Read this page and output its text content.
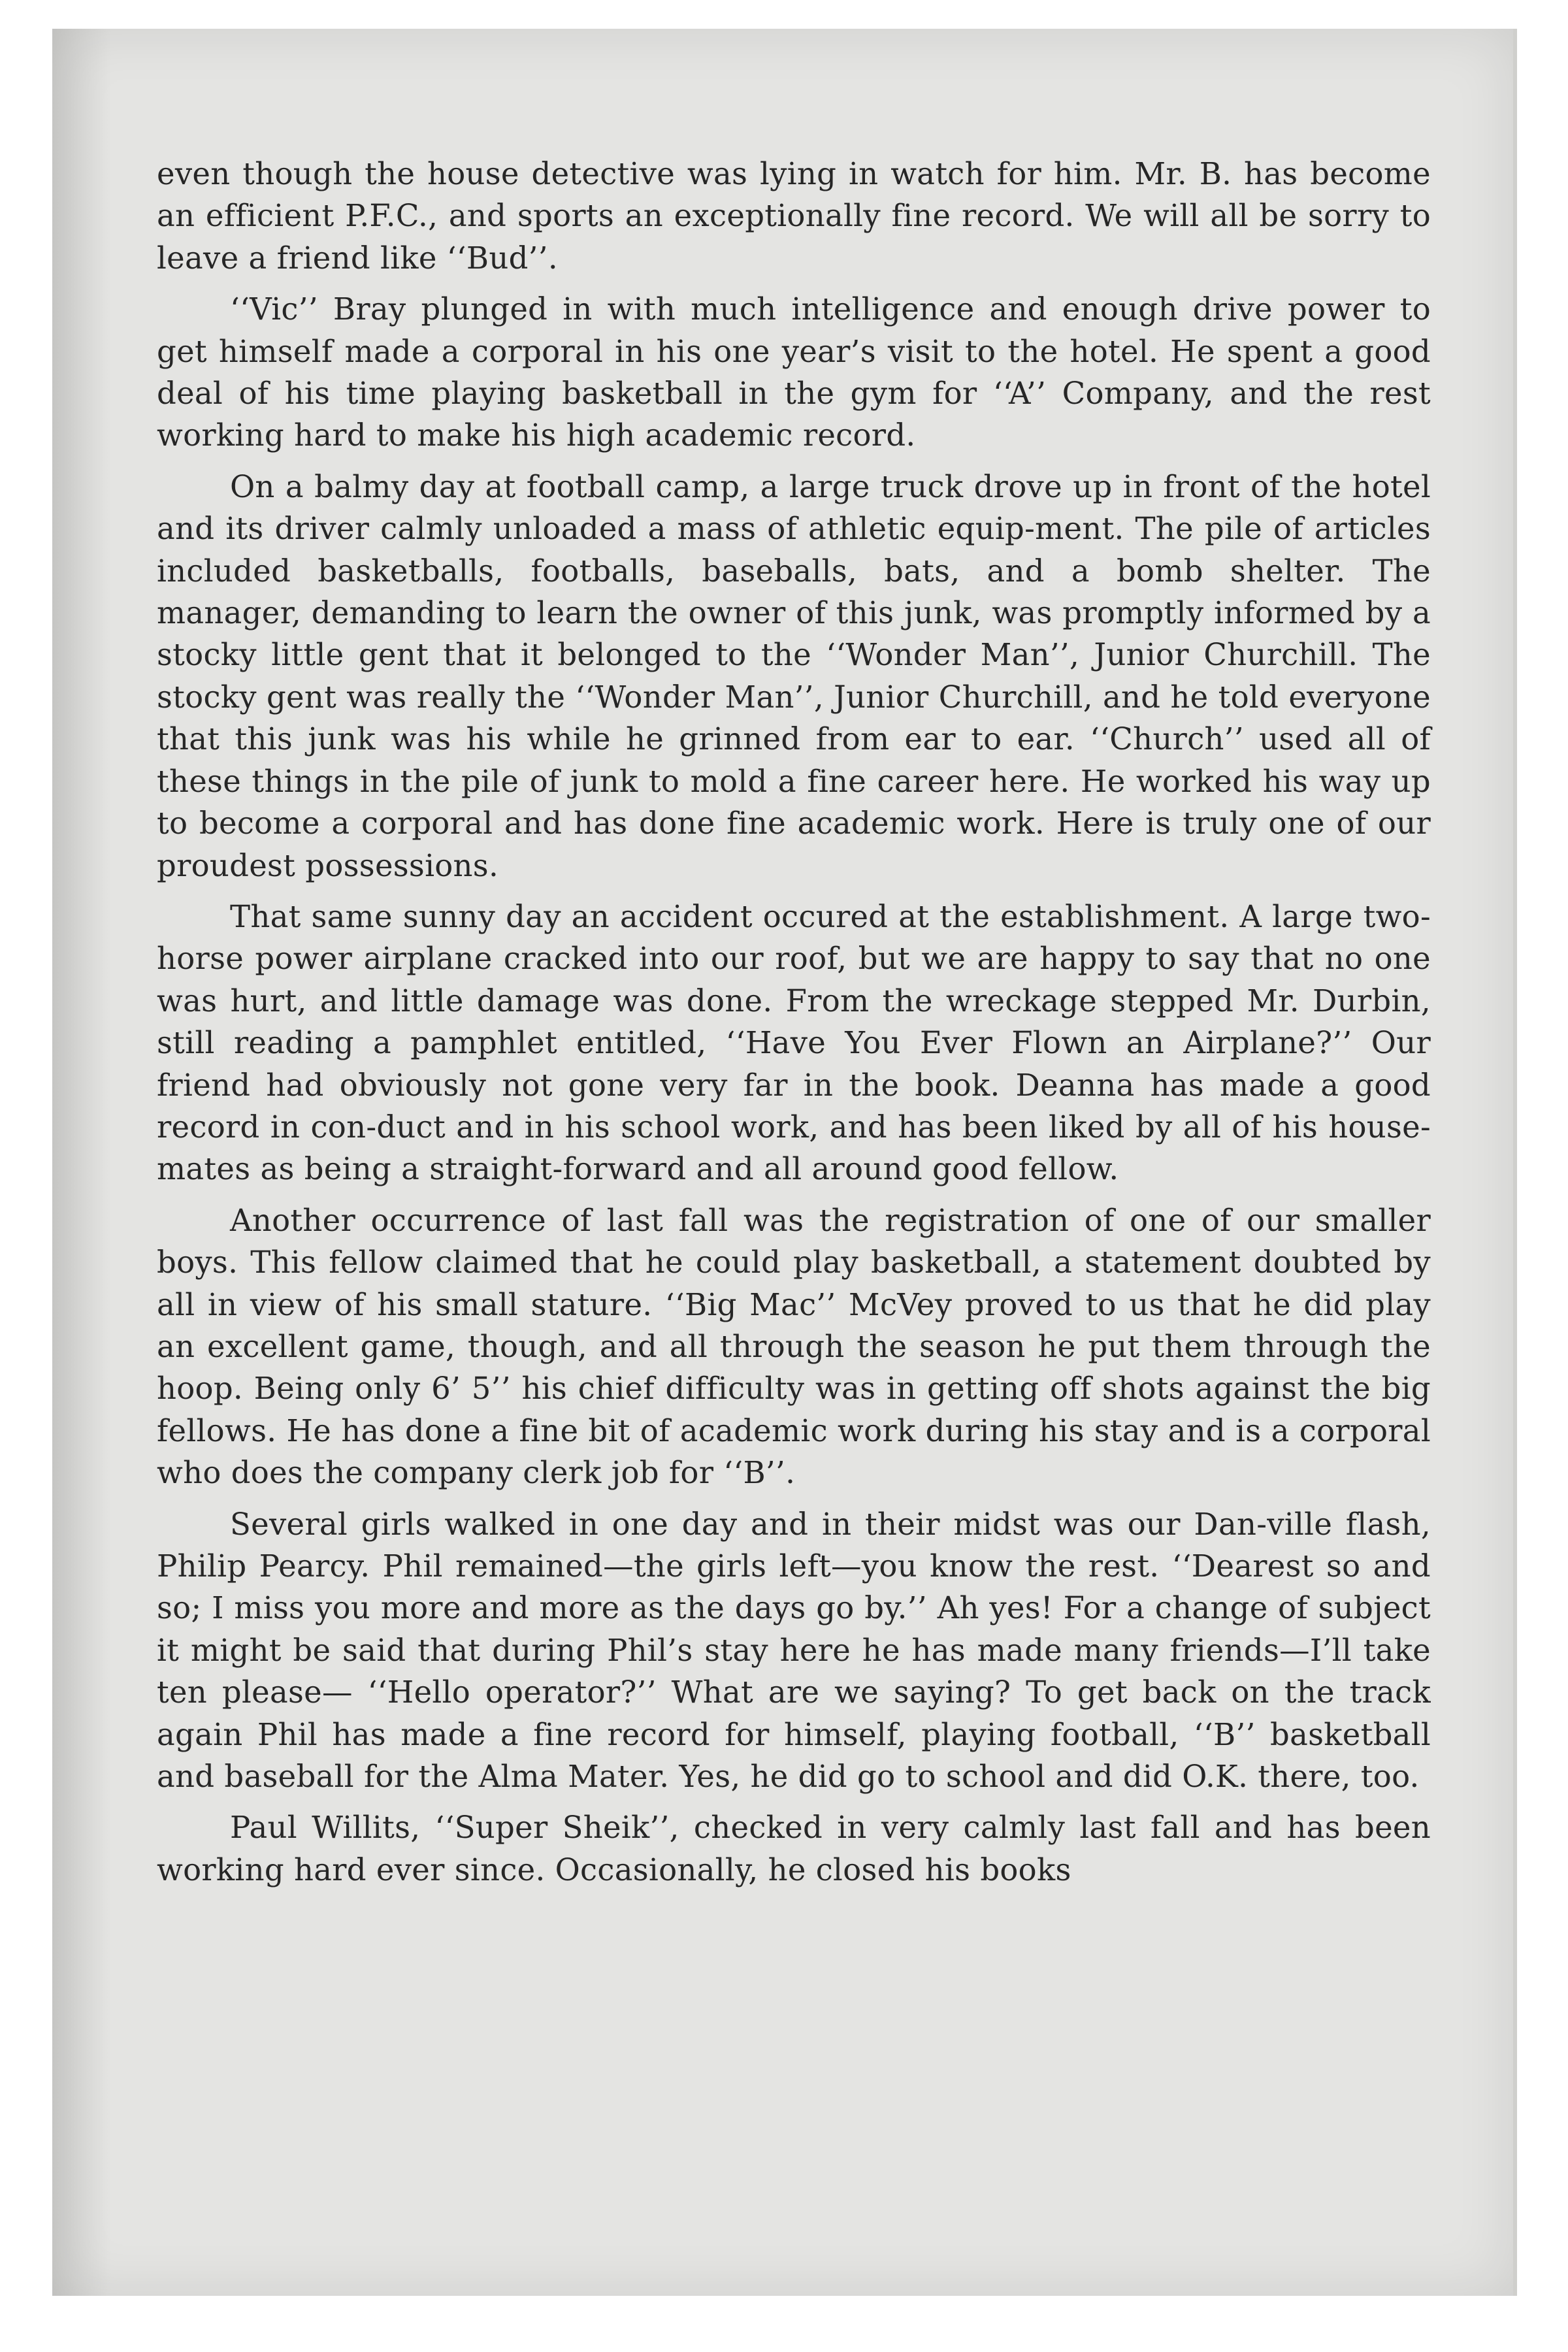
even though the house detective was lying in watch for him. Mr. B. has become an efficient P.F.C., and sports an exceptionally fine record. We will all be sorry to leave a friend like ‘‘Bud’’.

‘‘Vic’’ Bray plunged in with much intelligence and enough drive power to get himself made a corporal in his one year’s visit to the hotel. He spent a good deal of his time playing basketball in the gym for ‘‘A’’ Company, and the rest working hard to make his high academic record.

On a balmy day at football camp, a large truck drove up in front of the hotel and its driver calmly unloaded a mass of athletic equip-ment. The pile of articles included basketballs, footballs, baseballs, bats, and a bomb shelter. The manager, demanding to learn the owner of this junk, was promptly informed by a stocky little gent that it belonged to the ‘‘Wonder Man’’, Junior Churchill. The stocky gent was really the ‘‘Wonder Man’’, Junior Churchill, and he told everyone that this junk was his while he grinned from ear to ear. ‘‘Church’’ used all of these things in the pile of junk to mold a fine career here. He worked his way up to become a corporal and has done fine academic work. Here is truly one of our proudest possessions.

That same sunny day an accident occured at the establishment. A large two-horse power airplane cracked into our roof, but we are happy to say that no one was hurt, and little damage was done. From the wreckage stepped Mr. Durbin, still reading a pamphlet entitled, ‘‘Have You Ever Flown an Airplane?’’ Our friend had obviously not gone very far in the book. Deanna has made a good record in con-duct and in his school work, and has been liked by all of his house-mates as being a straight-forward and all around good fellow.

Another occurrence of last fall was the registration of one of our smaller boys. This fellow claimed that he could play basketball, a statement doubted by all in view of his small stature. ‘‘Big Mac’’ McVey proved to us that he did play an excellent game, though, and all through the season he put them through the hoop. Being only 6’ 5’’ his chief difficulty was in getting off shots against the big fellows. He has done a fine bit of academic work during his stay and is a corporal who does the company clerk job for ‘‘B’’.

Several girls walked in one day and in their midst was our Dan-ville flash, Philip Pearcy. Phil remained—the girls left—you know the rest. ‘‘Dearest so and so; I miss you more and more as the days go by.’’ Ah yes! For a change of subject it might be said that during Phil’s stay here he has made many friends—I’ll take ten please— ‘‘Hello operator?’’ What are we saying? To get back on the track again Phil has made a fine record for himself, playing football, ‘‘B’’ basketball and baseball for the Alma Mater. Yes, he did go to school and did O.K. there, too.

Paul Willits, ‘‘Super Sheik’’, checked in very calmly last fall and has been working hard ever since. Occasionally, he closed his books
